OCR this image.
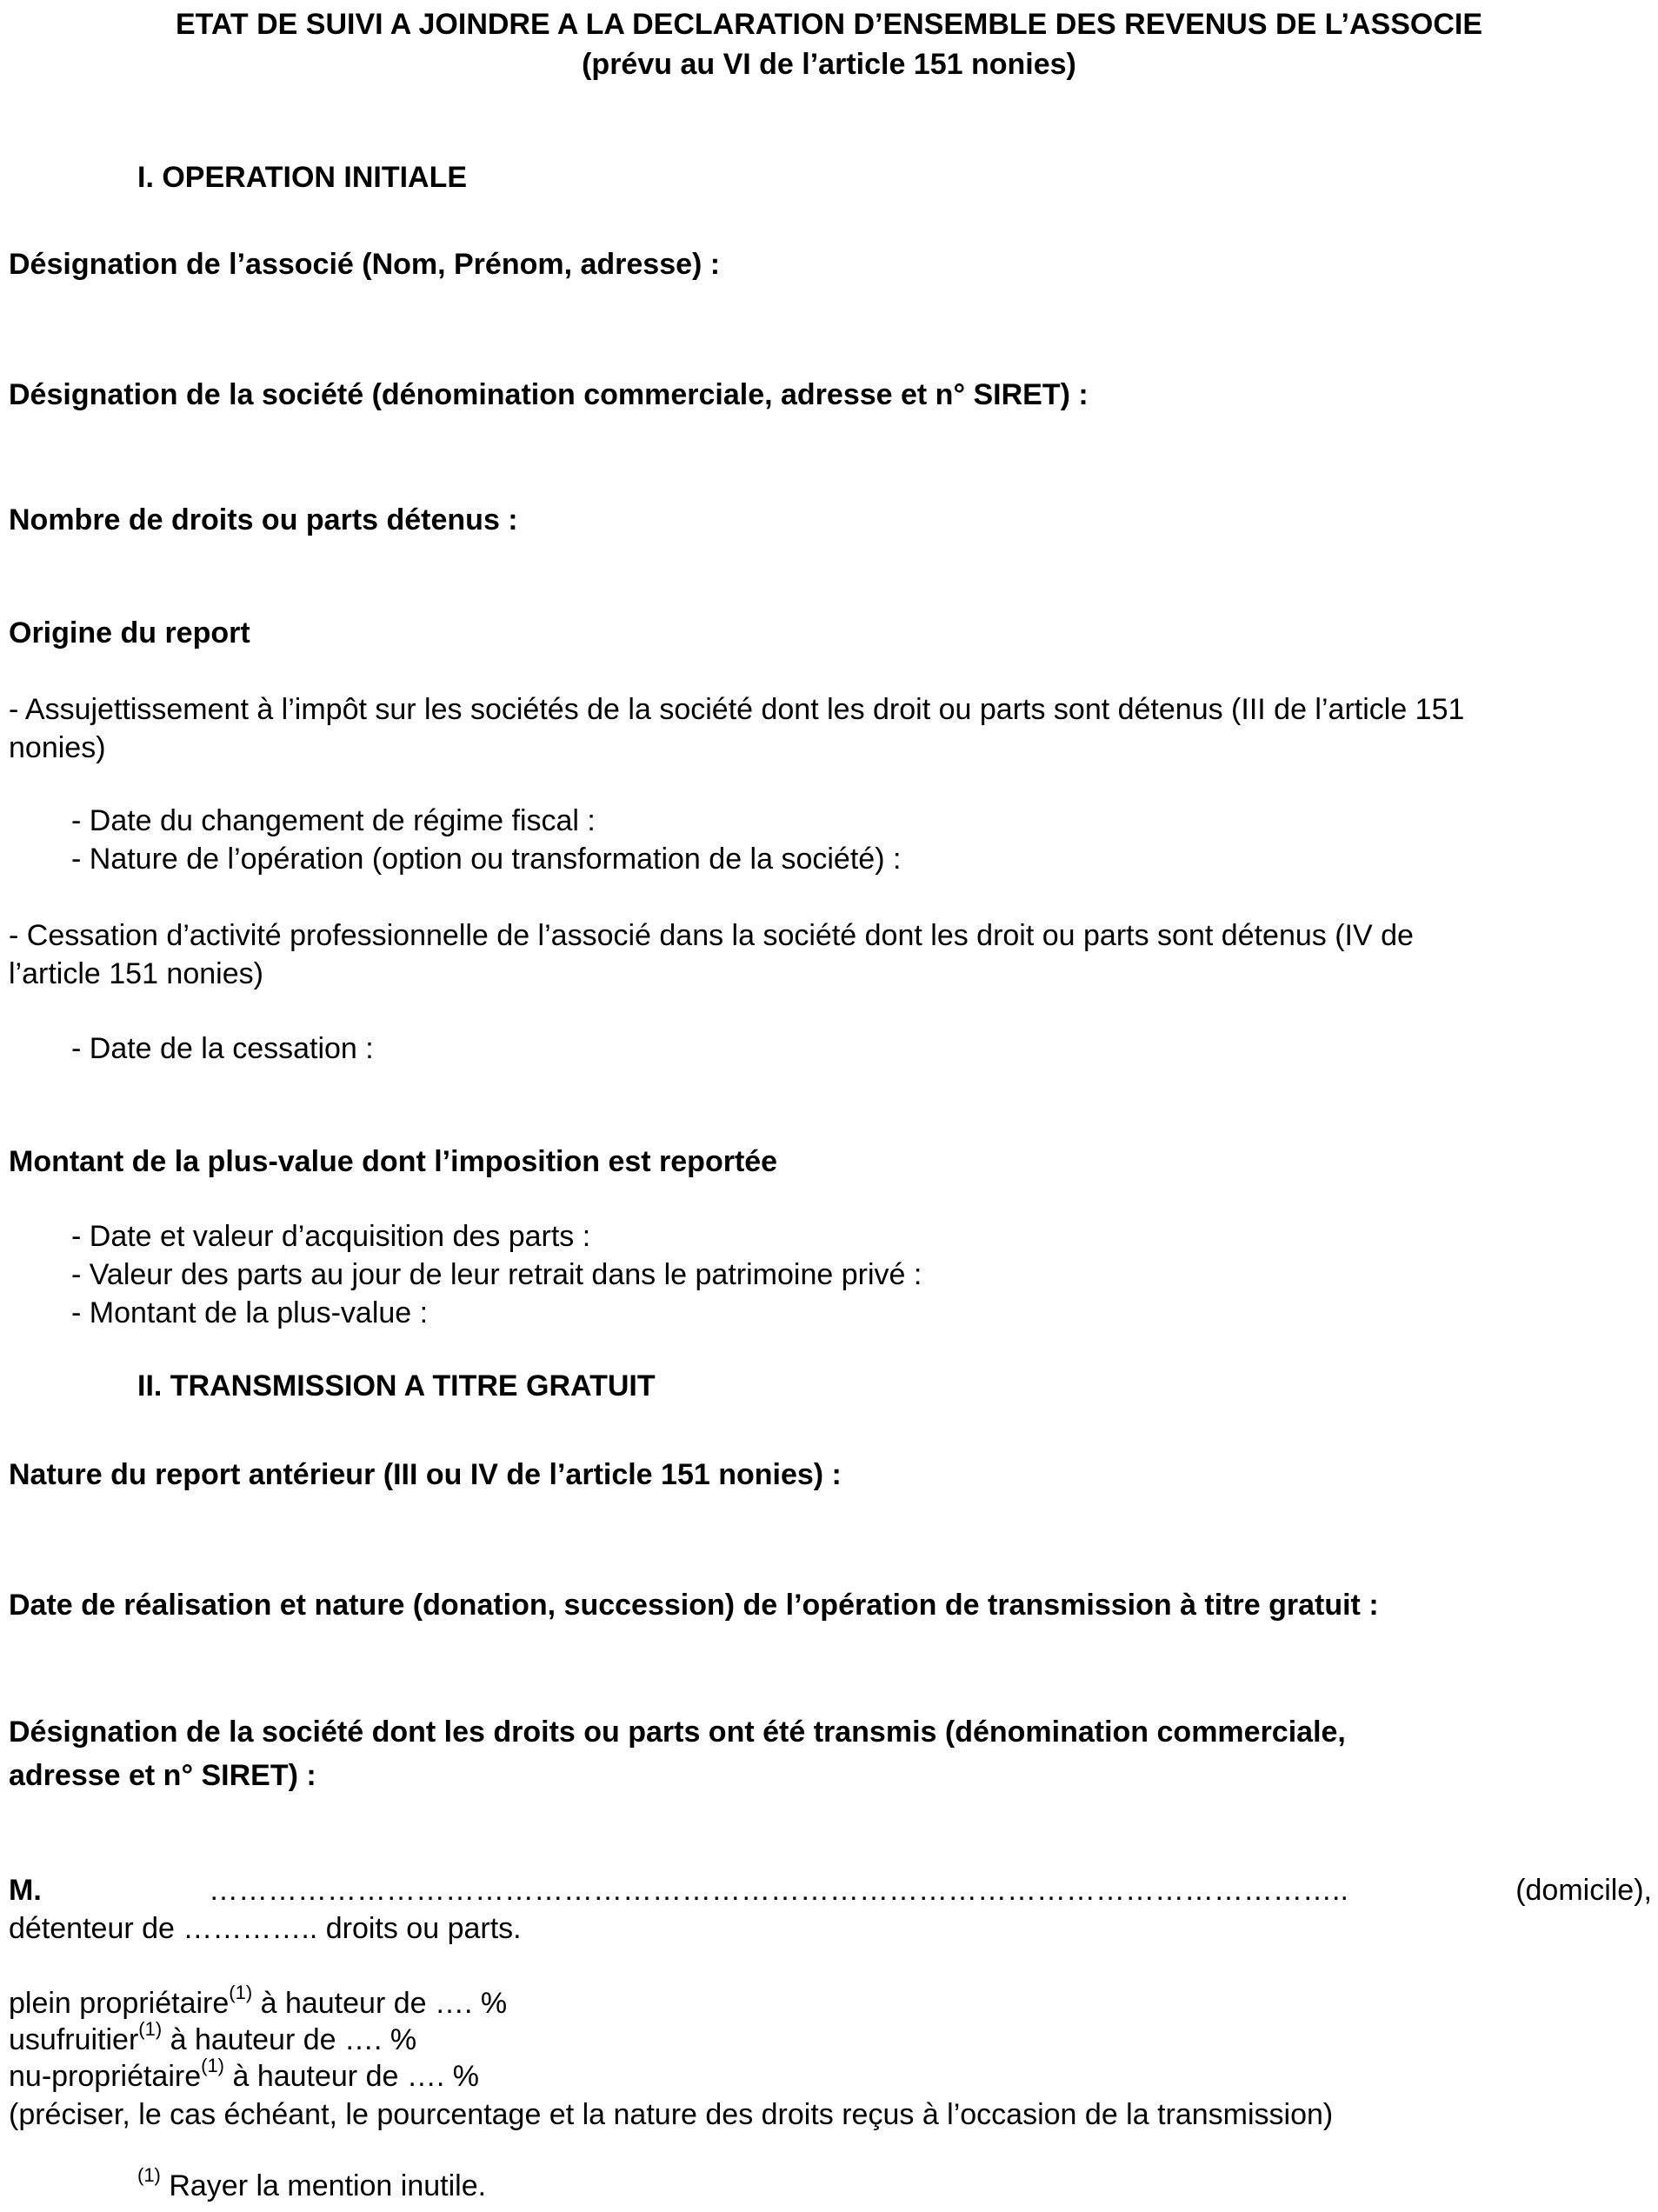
ETAT DE SUIVI A JOINDRE A LA DECLARATION D’ENSEMBLE DES REVENUS DE L’ASSOCIE
(prévu au VI de l’article 151 nonies)
I. OPERATION INITIALE
Désignation de l’associé (Nom, Prénom, adresse) :
Désignation de la société (dénomination commerciale, adresse et n° SIRET) :
Nombre de droits ou parts détenus :
Origine du report
- Assujettissement à l’impôt sur les sociétés de la société dont les droit ou parts sont détenus (III de l’article 151
nonies)
- Date du changement de régime fiscal :
- Nature de l’opération (option ou transformation de la société) :
- Cessation d’activité professionnelle de l’associé dans la société dont les droit ou parts sont détenus (IV de
l’article 151 nonies)
- Date de la cessation :
Montant de la plus-value dont l’imposition est reportée
- Date et valeur d’acquisition des parts :
- Valeur des parts au jour de leur retrait dans le patrimoine privé :
- Montant de la plus-value :
II. TRANSMISSION A TITRE GRATUIT
Nature du report antérieur (III ou IV de l’article 151 nonies) :
Date de réalisation et nature (donation, succession) de l’opération de transmission à titre gratuit :
Désignation de la société dont les droits ou parts ont été transmis (dénomination commerciale,
adresse et n° SIRET) :
M.	……………………………………………………………………………………………………..	(domicile),
détenteur de ………….. droits ou parts.
plein propriétaire$^{(1)}$ à hauteur de …. %
usufruitier$^{(1)}$ à hauteur de …. %
nu-propriétaire$^{(1)}$ à hauteur de …. %
(préciser, le cas échéant, le pourcentage et la nature des droits reçus à l’occasion de la transmission)
$^{(1)}$ Rayer la mention inutile.
